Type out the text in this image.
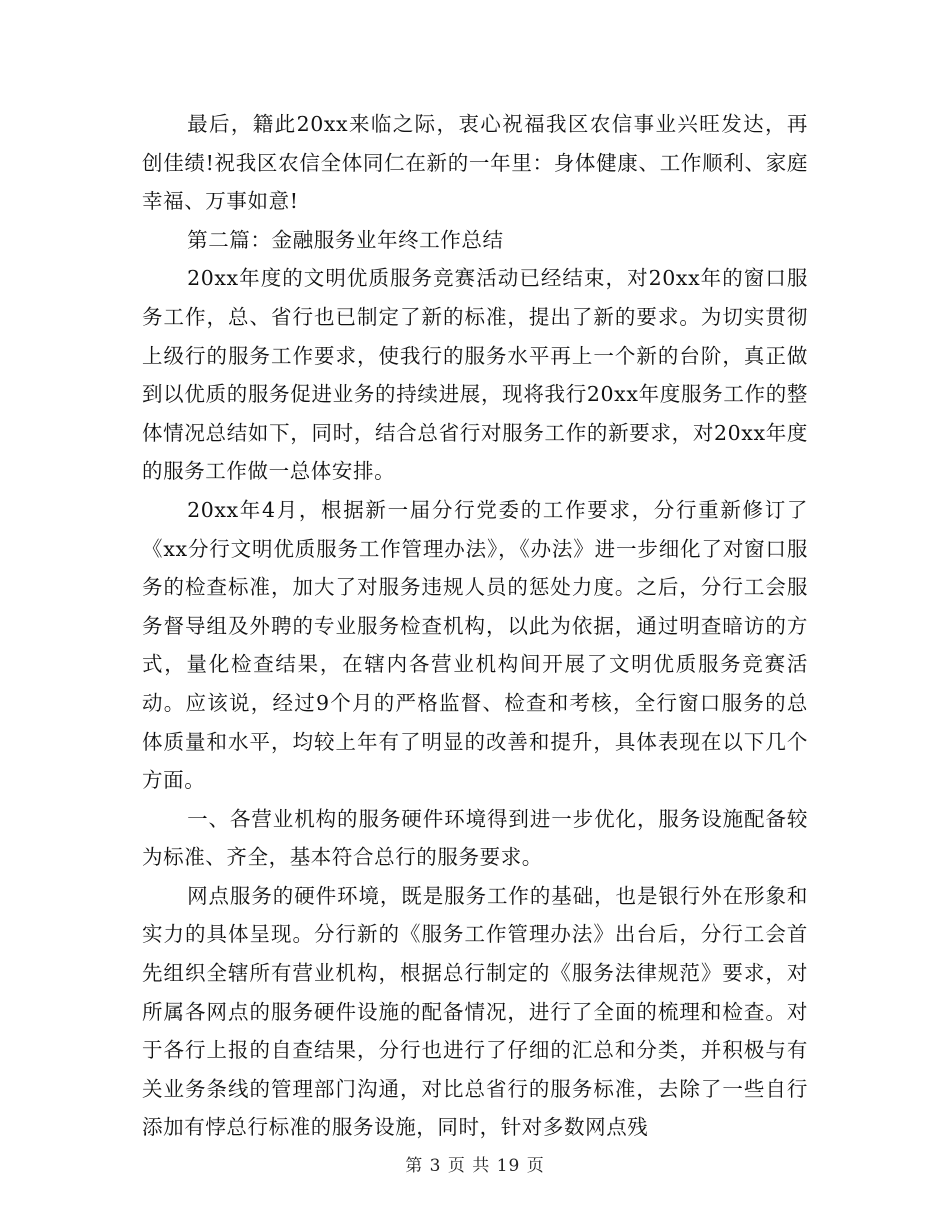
最后，籍此20xx来临之际，衷心祝福我区农信事业兴旺发达，再创佳绩!祝我区农信全体同仁在新的一年里：身体健康、工作顺利、家庭幸福、万事如意!

第二篇：金融服务业年终工作总结

20xx年度的文明优质服务竞赛活动已经结束，对20xx年的窗口服务工作，总、省行也已制定了新的标准，提出了新的要求。为切实贯彻上级行的服务工作要求，使我行的服务水平再上一个新的台阶，真正做到以优质的服务促进业务的持续进展，现将我行20xx年度服务工作的整体情况总结如下，同时，结合总省行对服务工作的新要求，对20xx年度的服务工作做一总体安排。

20xx年4月，根据新一届分行党委的工作要求，分行重新修订了《xx分行文明优质服务工作管理办法》，《办法》进一步细化了对窗口服务的检查标准，加大了对服务违规人员的惩处力度。之后，分行工会服务督导组及外聘的专业服务检查机构，以此为依据，通过明查暗访的方式，量化检查结果，在辖内各营业机构间开展了文明优质服务竞赛活动。应该说，经过9个月的严格监督、检查和考核，全行窗口服务的总体质量和水平，均较上年有了明显的改善和提升，具体表现在以下几个方面。

一、各营业机构的服务硬件环境得到进一步优化，服务设施配备较为标准、齐全，基本符合总行的服务要求。

网点服务的硬件环境，既是服务工作的基础，也是银行外在形象和实力的具体呈现。分行新的《服务工作管理办法》出台后，分行工会首先组织全辖所有营业机构，根据总行制定的《服务法律规范》要求，对所属各网点的服务硬件设施的配备情况，进行了全面的梳理和检查。对于各行上报的自查结果，分行也进行了仔细的汇总和分类，并积极与有关业务条线的管理部门沟通，对比总省行的服务标准，去除了一些自行添加有悖总行标准的服务设施，同时，针对多数网点残

第 3 页 共 19 页
